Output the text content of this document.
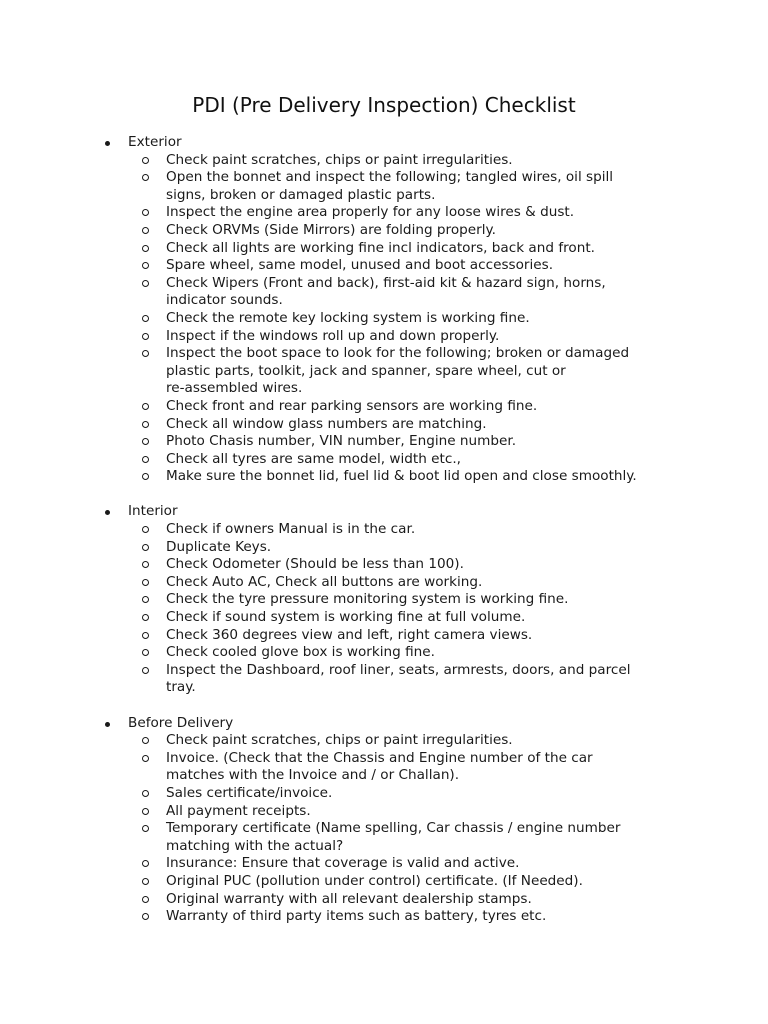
PDI (Pre Delivery Inspection) Checklist
Exterior
Check paint scratches, chips or paint irregularities.
Open the bonnet and inspect the following; tangled wires, oil spill
signs, broken or damaged plastic parts.
Inspect the engine area properly for any loose wires & dust.
Check ORVMs (Side Mirrors) are folding properly.
Check all lights are working fine incl indicators, back and front.
Spare wheel, same model, unused and boot accessories.
Check Wipers (Front and back), first-aid kit & hazard sign, horns,
indicator sounds.
Check the remote key locking system is working fine.
Inspect if the windows roll up and down properly.
Inspect the boot space to look for the following; broken or damaged
plastic parts, toolkit, jack and spanner, spare wheel, cut or
re-assembled wires.
Check front and rear parking sensors are working fine.
Check all window glass numbers are matching.
Photo Chasis number, VIN number, Engine number.
Check all tyres are same model, width etc.,
Make sure the bonnet lid, fuel lid & boot lid open and close smoothly.
Interior
Check if owners Manual is in the car.
Duplicate Keys.
Check Odometer (Should be less than 100).
Check Auto AC, Check all buttons are working.
Check the tyre pressure monitoring system is working fine.
Check if sound system is working fine at full volume.
Check 360 degrees view and left, right camera views.
Check cooled glove box is working fine.
Inspect the Dashboard, roof liner, seats, armrests, doors, and parcel
tray.
Before Delivery
Check paint scratches, chips or paint irregularities.
Invoice. (Check that the Chassis and Engine number of the car
matches with the Invoice and / or Challan).
Sales certificate/invoice.
All payment receipts.
Temporary certificate (Name spelling, Car chassis / engine number
matching with the actual?
Insurance: Ensure that coverage is valid and active.
Original PUC (pollution under control) certificate. (If Needed).
Original warranty with all relevant dealership stamps.
Warranty of third party items such as battery, tyres etc.
